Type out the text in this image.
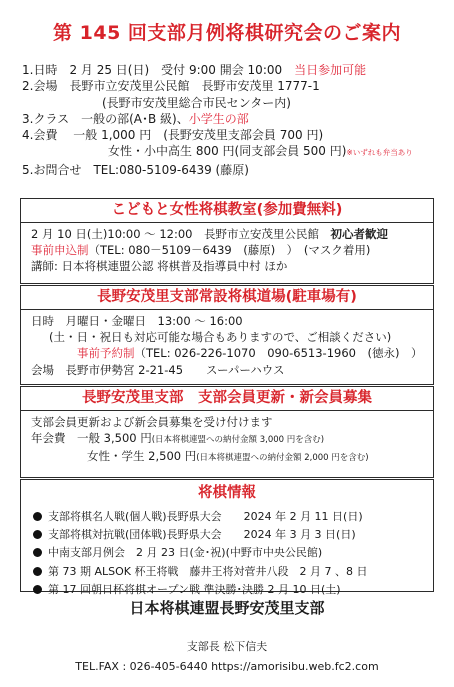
第 145 回支部月例将棋研究会のご案内
1.日時　2 月 25 日(日)　受付 9:00 開会 10:00　当日参加可能
2.会場　長野市立安茂里公民館　長野市安茂里 1777-1
(長野市安茂里総合市民センター内)
3.クラス　一般の部(A･B 級)、小学生の部
4.会費　 一般 1,000 円　(長野安茂里支部会員 700 円)
女性・小中高生 800 円(同支部会員 500 円)※いずれも弁当あり
5.お問合せ　TEL:080-5109-6439 (藤原)
こどもと女性将棋教室(参加費無料)
2 月 10 日(土)10:00 ～ 12:00　長野市立安茂里公民館　初心者歓迎
事前申込制（TEL: 080－5109－6439　(藤原)　）　(マスク着用)
講師: 日本将棋連盟公認 将棋普及指導員中村 ほか
長野安茂里支部常設将棋道場(駐車場有)
日時　月曜日・金曜日　13:00 ～ 16:00
(土・日・祝日も対応可能な場合もありますので、ご相談ください)
事前予約制（TEL: 026-226-1070　090-6513-1960　(徳永)　）
会場　長野市伊勢宮 2-21-45　　スーパーハウス
長野安茂里支部　支部会員更新・新会員募集
支部会員更新および新会員募集を受け付けます
年会費　一般 3,500 円(日本将棋連盟への納付金額 3,000 円を含む)
女性・学生 2,500 円(日本将棋連盟への納付金額 2,000 円を含む)
将棋情報
支部将棋名人戦(個人戦)長野県大会　　2024 年 2 月 11 日(日)
支部将棋対抗戦(団体戦)長野県大会　　2024 年 3 月 3 日(日)
中南支部月例会　2 月 23 日(金･祝)(中野市中央公民館)
第 73 期 ALSOK 杯王将戦　藤井王将対菅井八段　2 月 7 、8 日
第 17 回朝日杯将棋オープン戦 準決勝･決勝 2 月 10 日(土)
日本将棋連盟長野安茂里支部
支部長 松下信夫
TEL.FAX : 026-405-6440 https://amorisibu.web.fc2.com
